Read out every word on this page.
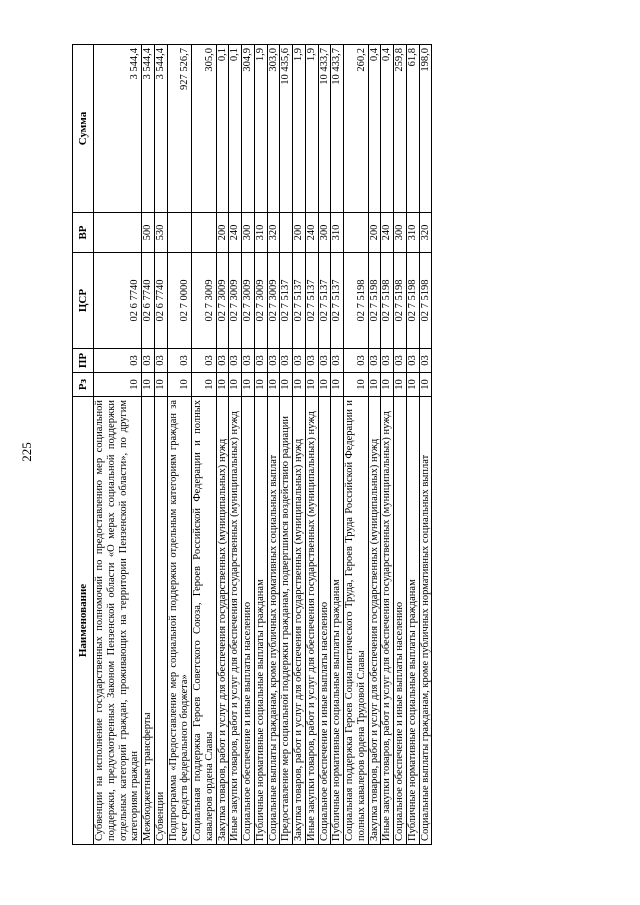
225
Наименование	Рз	ПР	ЦСР	ВР	Сумма
Субвенции на исполнение государственных полномочий по предоставлению мер социальной поддержки, предусмотренных Законом Пензенской области «О мерах социальной поддержки отдельных категорий граждан, проживающих на территории Пензенской области», по другим категориям граждан	10	03	02 6 7740		3 544,4
Межбюджетные трансферты	10	03	02 6 7740	500	3 544,4
Субвенции	10	03	02 6 7740	530	3 544,4
Подпрограмма «Предоставление мер социальной поддержки отдельным категориям граждан за счет средств федерального бюджета»	10	03	02 7 0000		927 526,7
Социальная поддержка Героев Советского Союза, Героев Российской Федерации и полных кавалеров ордена Славы	10	03	02 7 3009		305,0
Закупка товаров, работ и услуг для обеспечения государственных (муниципальных) нужд	10	03	02 7 3009	200	0,1
Иные закупки товаров, работ и услуг для обеспечения государственных (муниципальных) нужд	10	03	02 7 3009	240	0,1
Социальное обеспечение и иные выплаты населению	10	03	02 7 3009	300	304,9
Публичные нормативные социальные выплаты гражданам	10	03	02 7 3009	310	1,9
Социальные выплаты гражданам, кроме публичных нормативных социальных выплат	10	03	02 7 3009	320	303,0
Предоставление мер социальной поддержки гражданам, подвергшимся воздействию радиации	10	03	02 7 5137		10 435,6
Закупка товаров, работ и услуг для обеспечения государственных (муниципальных) нужд	10	03	02 7 5137	200	1,9
Иные закупки товаров, работ и услуг для обеспечения государственных (муниципальных) нужд	10	03	02 7 5137	240	1,9
Социальное обеспечение и иные выплаты населению	10	03	02 7 5137	300	10 433,7
Публичные нормативные социальные выплаты гражданам	10	03	02 7 5137	310	10 433,7
Социальная поддержка Героев Социалистического Труда, Героев Труда Российской Федерации и полных кавалеров ордена Трудовой Славы	10	03	02 7 5198		260,2
Закупка товаров, работ и услуг для обеспечения государственных (муниципальных) нужд	10	03	02 7 5198	200	0,4
Иные закупки товаров, работ и услуг для обеспечения государственных (муниципальных) нужд	10	03	02 7 5198	240	0,4
Социальное обеспечение и иные выплаты населению	10	03	02 7 5198	300	259,8
Публичные нормативные социальные выплаты гражданам	10	03	02 7 5198	310	61,8
Социальные выплаты гражданам, кроме публичных нормативных социальных выплат	10	03	02 7 5198	320	198,0
